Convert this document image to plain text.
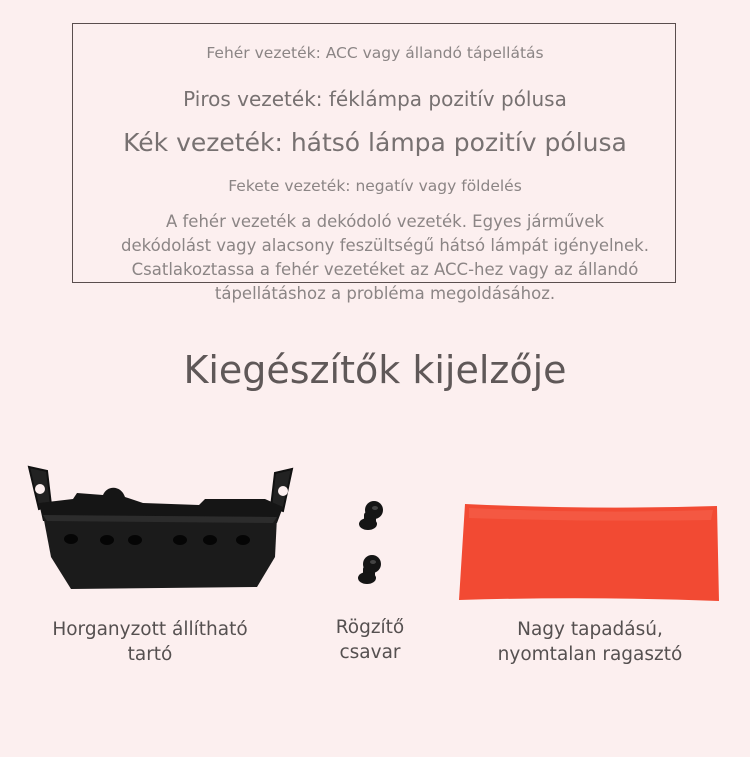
Fehér vezeték: ACC vagy állandó tápellátás
Piros vezeték: féklámpa pozitív pólusa
Kék vezeték: hátsó lámpa pozitív pólusa
Fekete vezeték: negatív vagy földelés
A fehér vezeték a dekódoló vezeték. Egyes járművek dekódolást vagy alacsony feszültségű hátsó lámpát igényelnek. Csatlakoztassa a fehér vezetéket az ACC-hez vagy az állandó tápellátáshoz a probléma megoldásához.
Kiegészítők kijelzője
Horganyzott állítható
tartó
Rögzítő
csavar
Nagy tapadású,
nyomtalan ragasztó
